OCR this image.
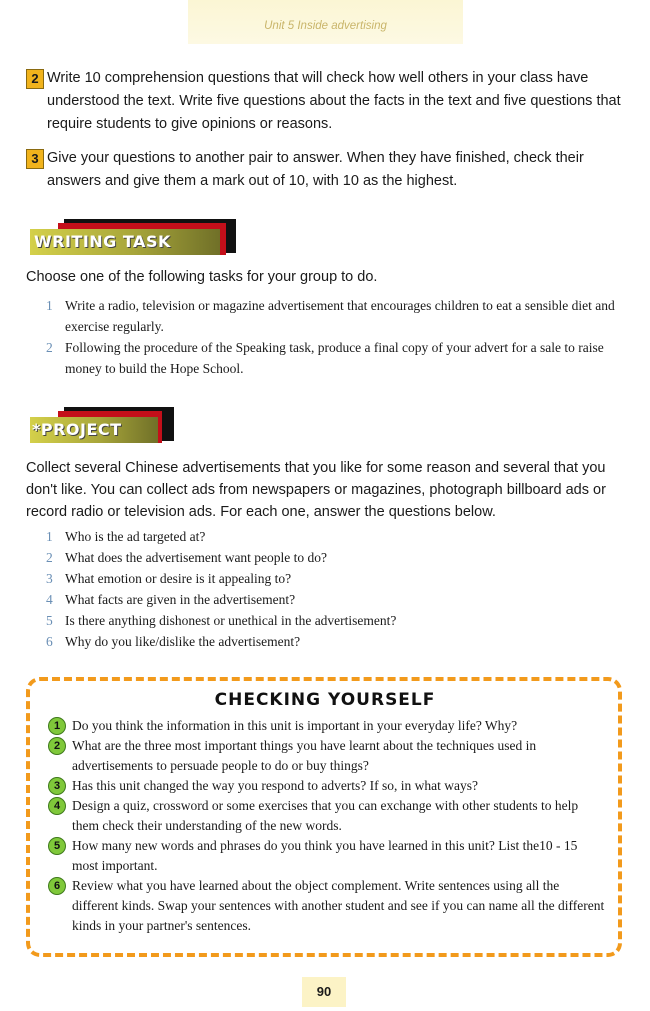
Unit 5 Inside advertising
2 Write 10 comprehension questions that will check how well others in your class have understood the text. Write five questions about the facts in the text and five questions that require students to give opinions or reasons.
3 Give your questions to another pair to answer. When they have finished, check their answers and give them a mark out of 10, with 10 as the highest.
WRITING TASK
Choose one of the following tasks for your group to do.
1 Write a radio, television or magazine advertisement that encourages children to eat a sensible diet and exercise regularly.
2 Following the procedure of the Speaking task, produce a final copy of your advert for a sale to raise money to build the Hope School.
*PROJECT
Collect several Chinese advertisements that you like for some reason and several that you don't like. You can collect ads from newspapers or magazines, photograph billboard ads or record radio or television ads. For each one, answer the questions below.
1 Who is the ad targeted at?
2 What does the advertisement want people to do?
3 What emotion or desire is it appealing to?
4 What facts are given in the advertisement?
5 Is there anything dishonest or unethical in the advertisement?
6 Why do you like/dislike the advertisement?
CHECKING YOURSELF
1 Do you think the information in this unit is important in your everyday life? Why?
2 What are the three most important things you have learnt about the techniques used in advertisements to persuade people to do or buy things?
3 Has this unit changed the way you respond to adverts? If so, in what ways?
4 Design a quiz, crossword or some exercises that you can exchange with other students to help them check their understanding of the new words.
5 How many new words and phrases do you think you have learned in this unit? List the10 - 15 most important.
6 Review what you have learned about the object complement. Write sentences using all the different kinds. Swap your sentences with another student and see if you can name all the different kinds in your partner's sentences.
90
